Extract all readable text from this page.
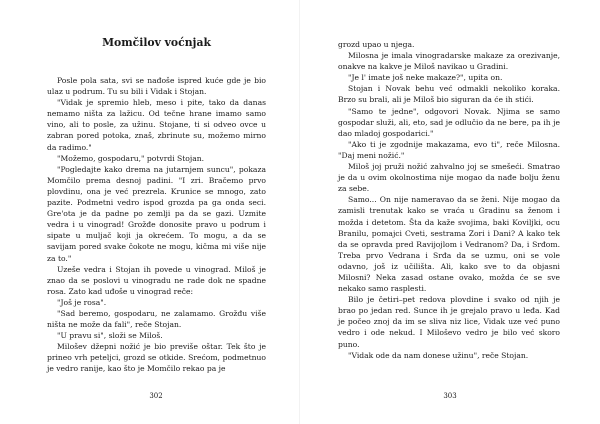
Momčilov voćnjak

Posle pola sata, svi se nađoše ispred kuće gde je bio ulaz u podrum. Tu su bili i Vidak i Stojan.

"Vidak je spremio hleb, meso i pite, tako da danas nemamo ništa za lažicu. Od tečne hrane imamo samo vino, ali to posle, za užinu. Stojane, ti si odveo ovce u zabran pored potoka, znaš, zbrinute su, možemo mirno da radimo."

"Možemo, gospodaru," potvrdi Stojan.

"Pogledajte kako drema na jutarnjem suncu", pokaza Momčilo prema desnoj padini. "I zri. Bračemo prvo plovdinu, ona je već prezrela. Krunice se mnogo, zato pazite. Podmetni vedro ispod grozda pa ga onda seci. Gre'ota je da padne po zemlji pa da se gazi. Uzmite vedra i u vinograd! Grožđe donosite pravo u podrum i sipate u muljač koji ja okrećem. To mogu, a da se savijam pored svake čokote ne mogu, kičma mi više nije za to."

Uzeše vedra i Stojan ih povede u vinograd. Miloš je znao da se poslovi u vinogradu ne rade dok ne spadne rosa. Zato kad uđoše u vinograd reče:

"Još je rosa".

"Sad beremo, gospodaru, ne zalamamo. Grožđu više ništa ne može da fali", reče Stojan.

"U pravu si", složi se Miloš.

Milošev džepni nožić je bio previše oštar. Tek što je prineo vrh peteljci, grozd se otkide. Srećom, podmetnuo je vedro ranije, kao što je Momčilo rekao pa je

302

grozd upao u njega.

Milosna je imala vinogradarske makaze za orezivanje, onakve na kakve je Miloš navikao u Gradini.

"Je l' imate još neke makaze?", upita on.

Stojan i Novak behu već odmakli nekoliko koraka. Brzo su brali, ali je Miloš bio siguran da će ih stići.

"Samo te jedne", odgovori Novak. Njima se samo gospodar služi, ali, eto, sad je odlučio da ne bere, pa ih je dao mladoj gospodarici."

"Ako ti je zgodnije makazama, evo ti", reče Milosna. "Daj meni nožić."

Miloš joj pruži nožić zahvalno joj se smešeći. Smatrao je da u ovim okolnostima nije mogao da nađe bolju ženu za sebe.

Samo... On nije nameravao da se ženi. Nije mogao da zamisli trenutak kako se vraća u Gradinu sa ženom i možda i detetom. Šta da kaže svojima, baki Koviljki, ocu Branilu, pomajci Cveti, sestrama Zori i Dani? A kako tek da se opravda pred Ravijojlom i Vedranom? Da, i Srđom. Treba prvo Vedrana i Srđa da se uzmu, oni se vole odavno, još iz učilišta. Ali, kako sve to da objasni Milosni? Neka zasad ostane ovako, možda će se sve nekako samo rasplesti.

Bilo je četiri–pet redova plovdine i svako od njih je brao po jedan red. Sunce ih je grejalo pravo u leđa. Kad je počeo znoj da im se sliva niz lice, Vidak uze već puno vedro i ode nekud. I Miloševo vedro je bilo već skoro puno.

"Vidak ode da nam donese užinu", reče Stojan.

303
